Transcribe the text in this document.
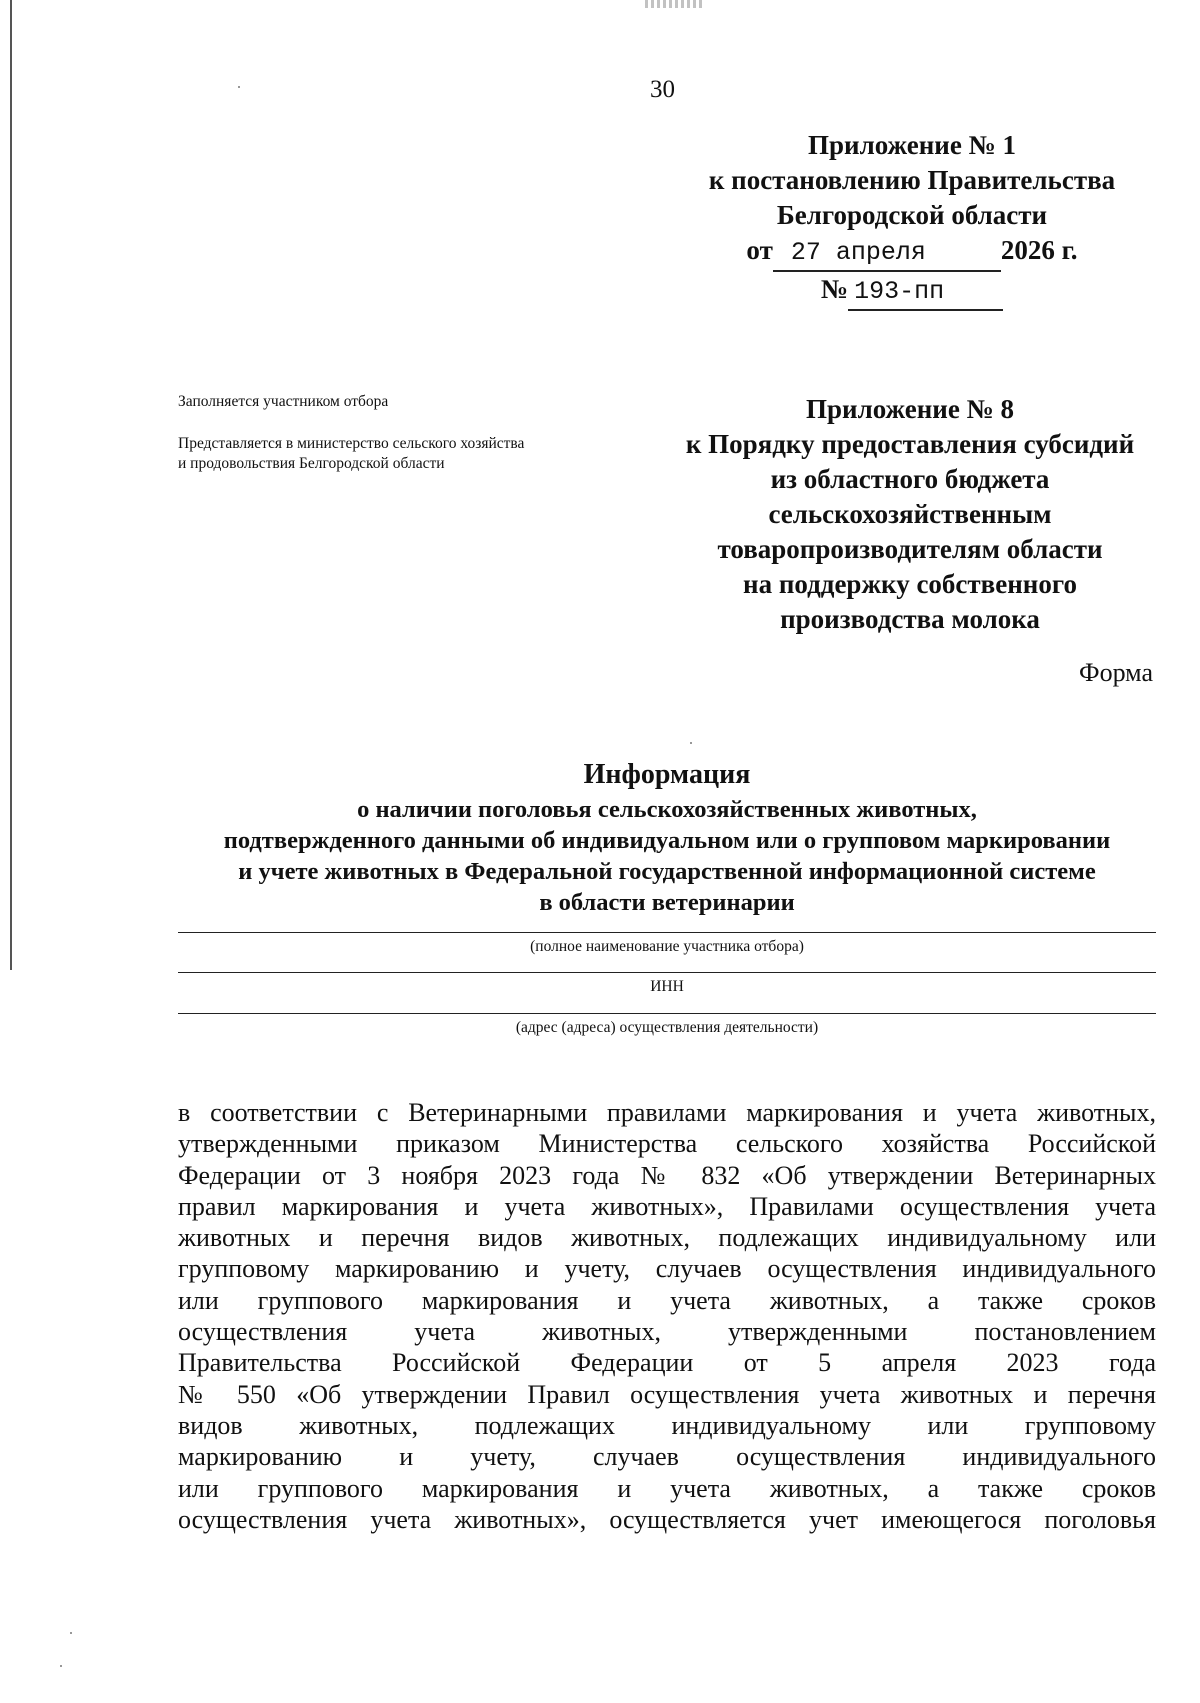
30
Приложение № 1
к постановлению Правительства
Белгородской области
от 27 апреля	2026 г.
№ 193-пп
Заполняется участником отбора
Представляется в министерство сельского хозяйства
и продовольствия Белгородской области
Приложение № 8
к Порядку предоставления субсидий
из областного бюджета
сельскохозяйственным
товаропроизводителям области
на поддержку собственного
производства молока
Форма
Информация
о наличии поголовья сельскохозяйственных животных,
подтвержденного данными об индивидуальном или о групповом маркировании
и учете животных в Федеральной государственной информационной системе
в области ветеринарии
(полное наименование участника отбора)
ИНН
(адрес (адреса) осуществления деятельности)
в соответствии с Ветеринарными правилами маркирования и учета животных,
утвержденными приказом Министерства сельского хозяйства Российской
Федерации от 3 ноября 2023 года № 832 «Об утверждении Ветеринарных
правил маркирования и учета животных», Правилами осуществления учета
животных и перечня видов животных, подлежащих индивидуальному или
групповому маркированию и учету, случаев осуществления индивидуального
или группового маркирования и учета животных, а также сроков
осуществления учета животных, утвержденными постановлением
Правительства Российской Федерации от 5 апреля 2023 года
№ 550 «Об утверждении Правил осуществления учета животных и перечня
видов животных, подлежащих индивидуальному или групповому
маркированию и учету, случаев осуществления индивидуального
или группового маркирования и учета животных, а также сроков
осуществления учета животных», осуществляется учет имеющегося поголовья
